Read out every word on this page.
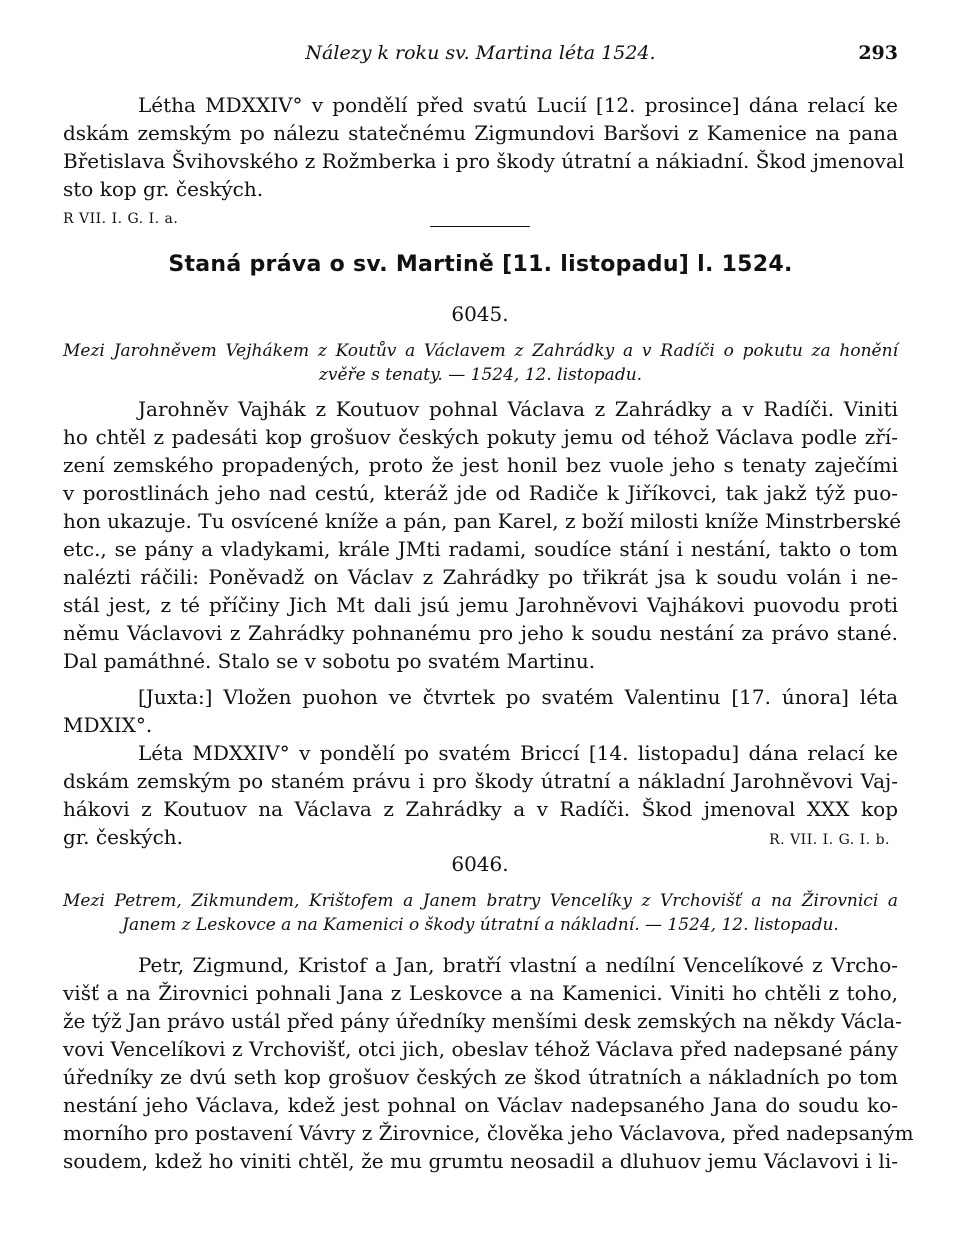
Nálezy k roku sv. Martina léta 1524.	293
Létha MDXXIV° v pondělí před svatú Lucií [12. prosince] dána relací ke
dskám zemským po nálezu statečnému Zigmundovi Baršovi z Kamenice na pana
Břetislava Švihovského z Rožmberka i pro škody útratní a nákiadní. Škod jmenoval
sto kop gr. českých.
R VII. I. G. I. a.
Staná práva o sv. Martině [11. listopadu] l. 1524.
6045.
Mezi Jarohněvem Vejhákem z Koutův a Václavem z Zahrádky a v Radíči o pokutu za honění
zvěře s tenaty. — 1524, 12. listopadu.
Jarohněv Vajhák z Koutuov pohnal Václava z Zahrádky a v Radíči. Viniti
ho chtěl z padesáti kop grošuov českých pokuty jemu od téhož Václava podle zří-
zení zemského propadených, proto že jest honil bez vuole jeho s tenaty zaječími
v porostlinách jeho nad cestú, kteráž jde od Radiče k Jiříkovci, tak jakž týž puo-
hon ukazuje. Tu osvícené kníže a pán, pan Karel, z boží milosti kníže Minstrberské
etc., se pány a vladykami, krále JMti radami, soudíce stání i nestání, takto o tom
nalézti ráčili: Poněvadž on Václav z Zahrádky po třikrát jsa k soudu volán i ne-
stál jest, z té příčiny Jich Mt dali jsú jemu Jarohněvovi Vajhákovi puovodu proti
němu Václavovi z Zahrádky pohnanému pro jeho k soudu nestání za právo stané.
Dal památhné. Stalo se v sobotu po svatém Martinu.
[Juxta:] Vložen puohon ve čtvrtek po svatém Valentinu [17. února] léta
MDXIX°.
Léta MDXXIV° v pondělí po svatém Briccí [14. listopadu] dána relací ke
dskám zemským po staném právu i pro škody útratní a nákladní Jarohněvovi Vaj-
hákovi z Koutuov na Václava z Zahrádky a v Radíči. Škod jmenoval XXX kop
gr. českých.	R. VII. I. G. I. b.
6046.
Mezi Petrem, Zikmundem, Krištofem a Janem bratry Vencelíky z Vrchovišť a na Žirovnici a
Janem z Leskovce a na Kamenici o škody útratní a nákladní. — 1524, 12. listopadu.
Petr, Zigmund, Kristof a Jan, bratří vlastní a nedílní Vencelíkové z Vrcho-
višť a na Žirovnici pohnali Jana z Leskovce a na Kamenici. Viniti ho chtěli z toho,
že týž Jan právo ustál před pány úředníky menšími desk zemských na někdy Václa-
vovi Vencelíkovi z Vrchovišť, otci jich, obeslav téhož Václava před nadepsané pány
úředníky ze dvú seth kop grošuov českých ze škod útratních a nákladních po tom
nestání jeho Václava, kdež jest pohnal on Václav nadepsaného Jana do soudu ko-
morního pro postavení Vávry z Žirovnice, člověka jeho Václavova, před nadepsaným
soudem, kdež ho viniti chtěl, že mu grumtu neosadil a dluhuov jemu Václavovi i li-
